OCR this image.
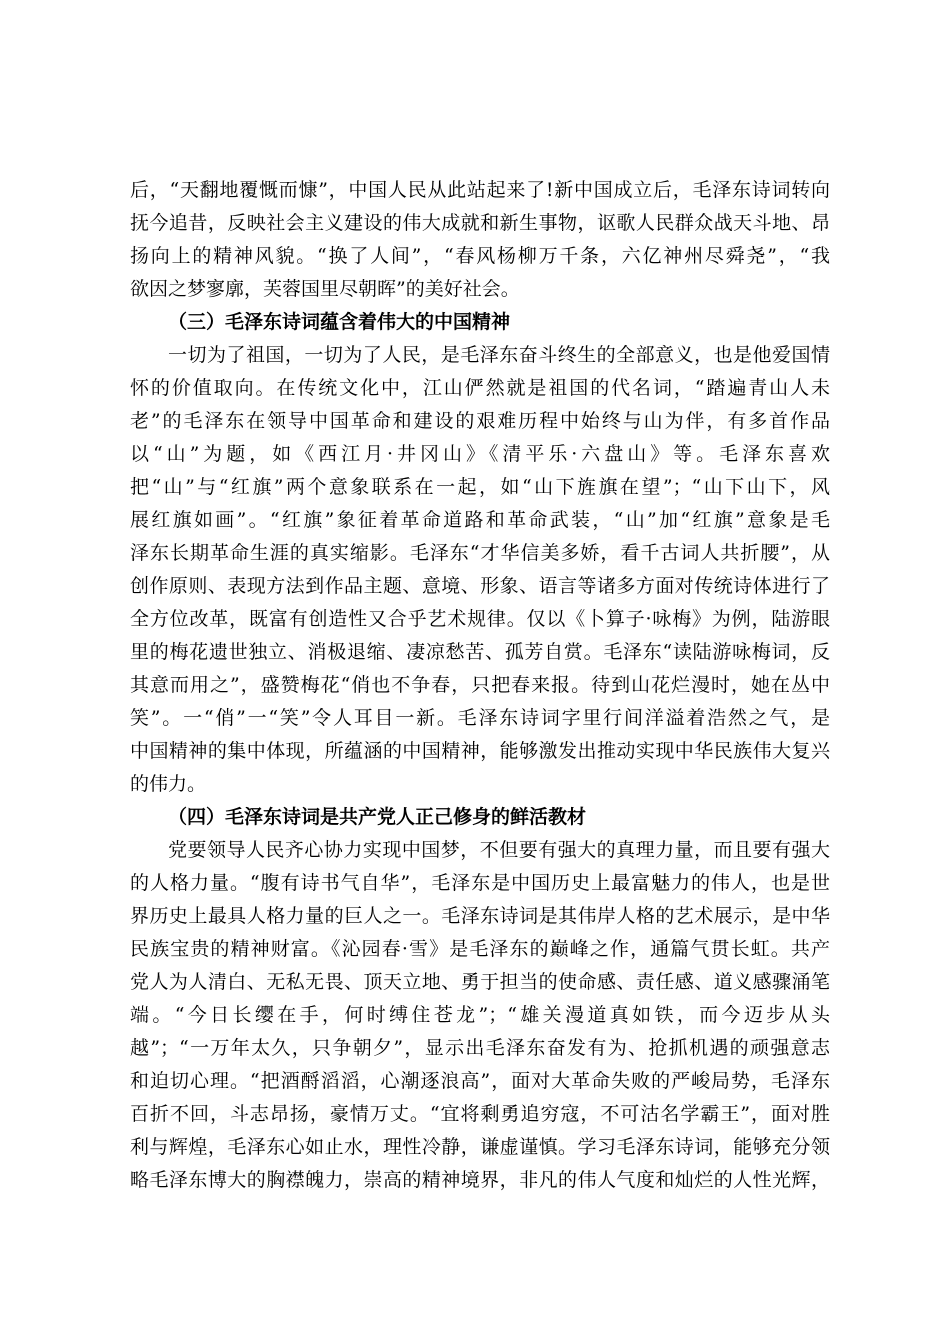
后，“天翻地覆慨而慷”，中国人民从此站起来了!新中国成立后，毛泽东诗词转向
抚今追昔，反映社会主义建设的伟大成就和新生事物，讴歌人民群众战天斗地、昂
扬向上的精神风貌。“换了人间”，“春风杨柳万千条，六亿神州尽舜尧”，“我
欲因之梦寥廓，芙蓉国里尽朝晖”的美好社会。
（三）毛泽东诗词蕴含着伟大的中国精神
一切为了祖国，一切为了人民，是毛泽东奋斗终生的全部意义，也是他爱国情
怀的价值取向。在传统文化中，江山俨然就是祖国的代名词，“踏遍青山人未
老”的毛泽东在领导中国革命和建设的艰难历程中始终与山为伴，有多首作品
以“山”为题，如《西江月·井冈山》《清平乐·六盘山》等。毛泽东喜欢
把“山”与“红旗”两个意象联系在一起，如“山下旌旗在望”；“山下山下，风
展红旗如画”。“红旗”象征着革命道路和革命武装，“山”加“红旗”意象是毛
泽东长期革命生涯的真实缩影。毛泽东“才华信美多娇，看千古词人共折腰”，从
创作原则、表现方法到作品主题、意境、形象、语言等诸多方面对传统诗体进行了
全方位改革，既富有创造性又合乎艺术规律。仅以《卜算子·咏梅》为例，陆游眼
里的梅花遗世独立、消极退缩、凄凉愁苦、孤芳自赏。毛泽东“读陆游咏梅词，反
其意而用之”，盛赞梅花“俏也不争春，只把春来报。待到山花烂漫时，她在丛中
笑”。一“俏”一“笑”令人耳目一新。毛泽东诗词字里行间洋溢着浩然之气，是
中国精神的集中体现，所蕴涵的中国精神，能够激发出推动实现中华民族伟大复兴
的伟力。
（四）毛泽东诗词是共产党人正己修身的鲜活教材
党要领导人民齐心协力实现中国梦，不但要有强大的真理力量，而且要有强大
的人格力量。“腹有诗书气自华”，毛泽东是中国历史上最富魅力的伟人，也是世
界历史上最具人格力量的巨人之一。毛泽东诗词是其伟岸人格的艺术展示，是中华
民族宝贵的精神财富。《沁园春·雪》是毛泽东的巅峰之作，通篇气贯长虹。共产
党人为人清白、无私无畏、顶天立地、勇于担当的使命感、责任感、道义感骤涌笔
端。“今日长缨在手，何时缚住苍龙”；“雄关漫道真如铁，而今迈步从头
越”；“一万年太久，只争朝夕”，显示出毛泽东奋发有为、抢抓机遇的顽强意志
和迫切心理。“把酒酹滔滔，心潮逐浪高”，面对大革命失败的严峻局势，毛泽东
百折不回，斗志昂扬，豪情万丈。“宜将剩勇追穷寇，不可沽名学霸王”，面对胜
利与辉煌，毛泽东心如止水，理性冷静，谦虚谨慎。学习毛泽东诗词，能够充分领
略毛泽东博大的胸襟魄力，崇高的精神境界，非凡的伟人气度和灿烂的人性光辉，
